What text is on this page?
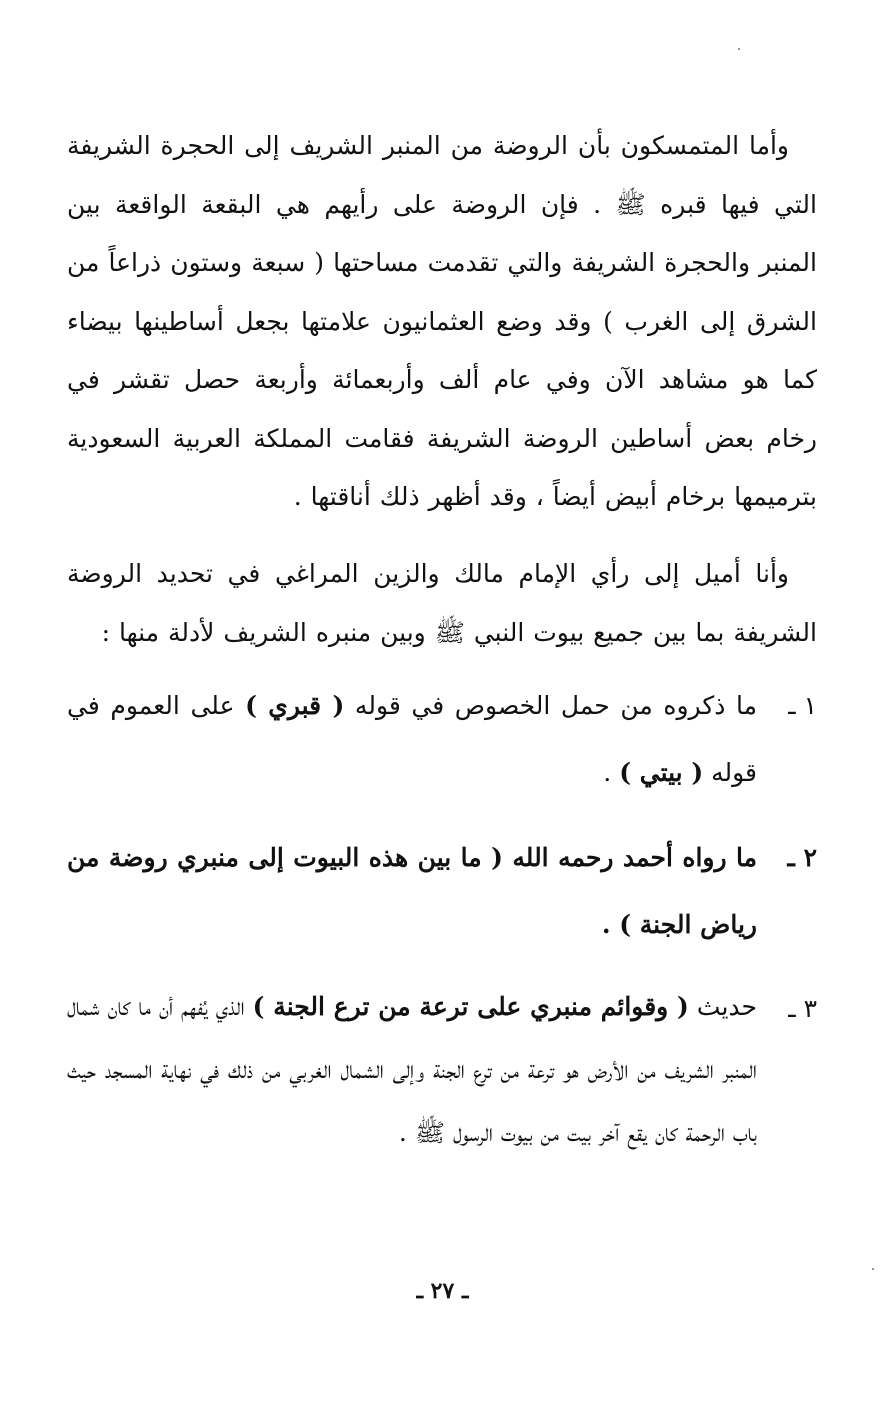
وأما المتمسكون بأن الروضة من المنبر الشريف إلى الحجرة الشريفة التي فيها قبره ﷺ . فإن الروضة على رأيهم هي البقعة الواقعة بين المنبر والحجرة الشريفة والتي تقدمت مساحتها ( سبعة وستون ذراعاً من الشرق إلى الغرب ) وقد وضع العثمانيون علامتها بجعل أساطينها بيضاء كما هو مشاهد الآن وفي عام ألف وأربعمائة وأربعة حصل تقشر في رخام بعض أساطين الروضة الشريفة فقامت المملكة العربية السعودية بترميمها برخام أبيض أيضاً ، وقد أظهر ذلك أناقتها .

وأنا أميل إلى رأي الإمام مالك والزين المراغي في تحديد الروضة الشريفة بما بين جميع بيوت النبي ﷺ وبين منبره الشريف لأدلة منها :

١ ـ
ما ذكروه من حمل الخصوص في قوله ( قبري ) على العموم في قوله ( بيتي ) .
٢ ـ
ما رواه أحمد رحمه الله ( ما بين هذه البيوت إلى منبري روضة من رياض الجنة ) .
٣ ـ
حديث ( وقوائم منبري على ترعة من ترع الجنة ) الذي يُفهم أن ما كان شمال المنبر الشريف من الأرض هو ترعة من ترع الجنة وإلى الشمال الغربي من ذلك في نهاية المسجد حيث باب الرحمة كان يقع آخر بيت من بيوت الرسول ﷺ .
ـ ٢٧ ـ
